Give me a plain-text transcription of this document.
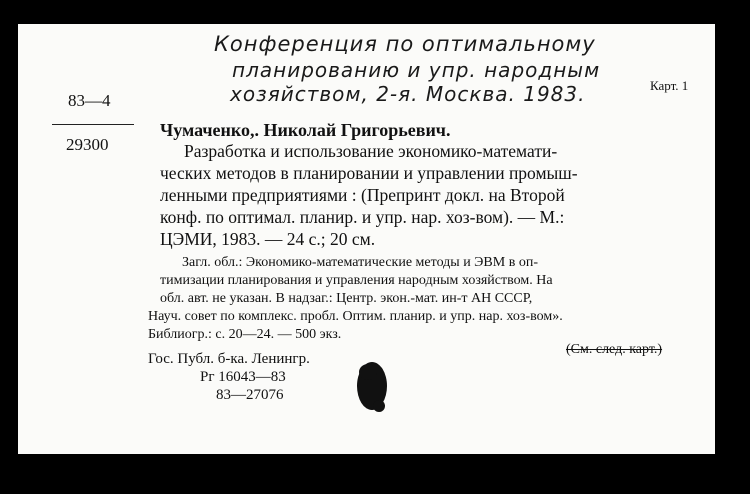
Конференция по оптимальному
планированию и упр. народным
хозяйством, 2-я. Москва. 1983.	Карт. 1
83—4
29300
Чумаченко,. Николай Григорьевич.
Разработка и использование экономико-математи-
ческих методов в планировании и управлении промыш-
ленными предприятиями : (Препринт докл. на Второй
конф. по оптимал. планир. и упр. нар. хоз-вом). — М.:
ЦЭМИ, 1983. — 24 с.; 20 см.
Загл. обл.: Экономико-математические методы и ЭВМ в оп-
тимизации планирования и управления народным хозяйством. На
обл. авт. не указан. В надзаг.: Центр. экон.-мат. ин-т АН СССР,
Науч. совет по комплекс. пробл. Оптим. планир. и упр. нар. хоз-вом».
Библиогр.: с. 20—24. — 500 экз.
Гос. Публ. б-ка. Ленингр.
Рг 16043—83
83—27076
(См. след. карт.)
